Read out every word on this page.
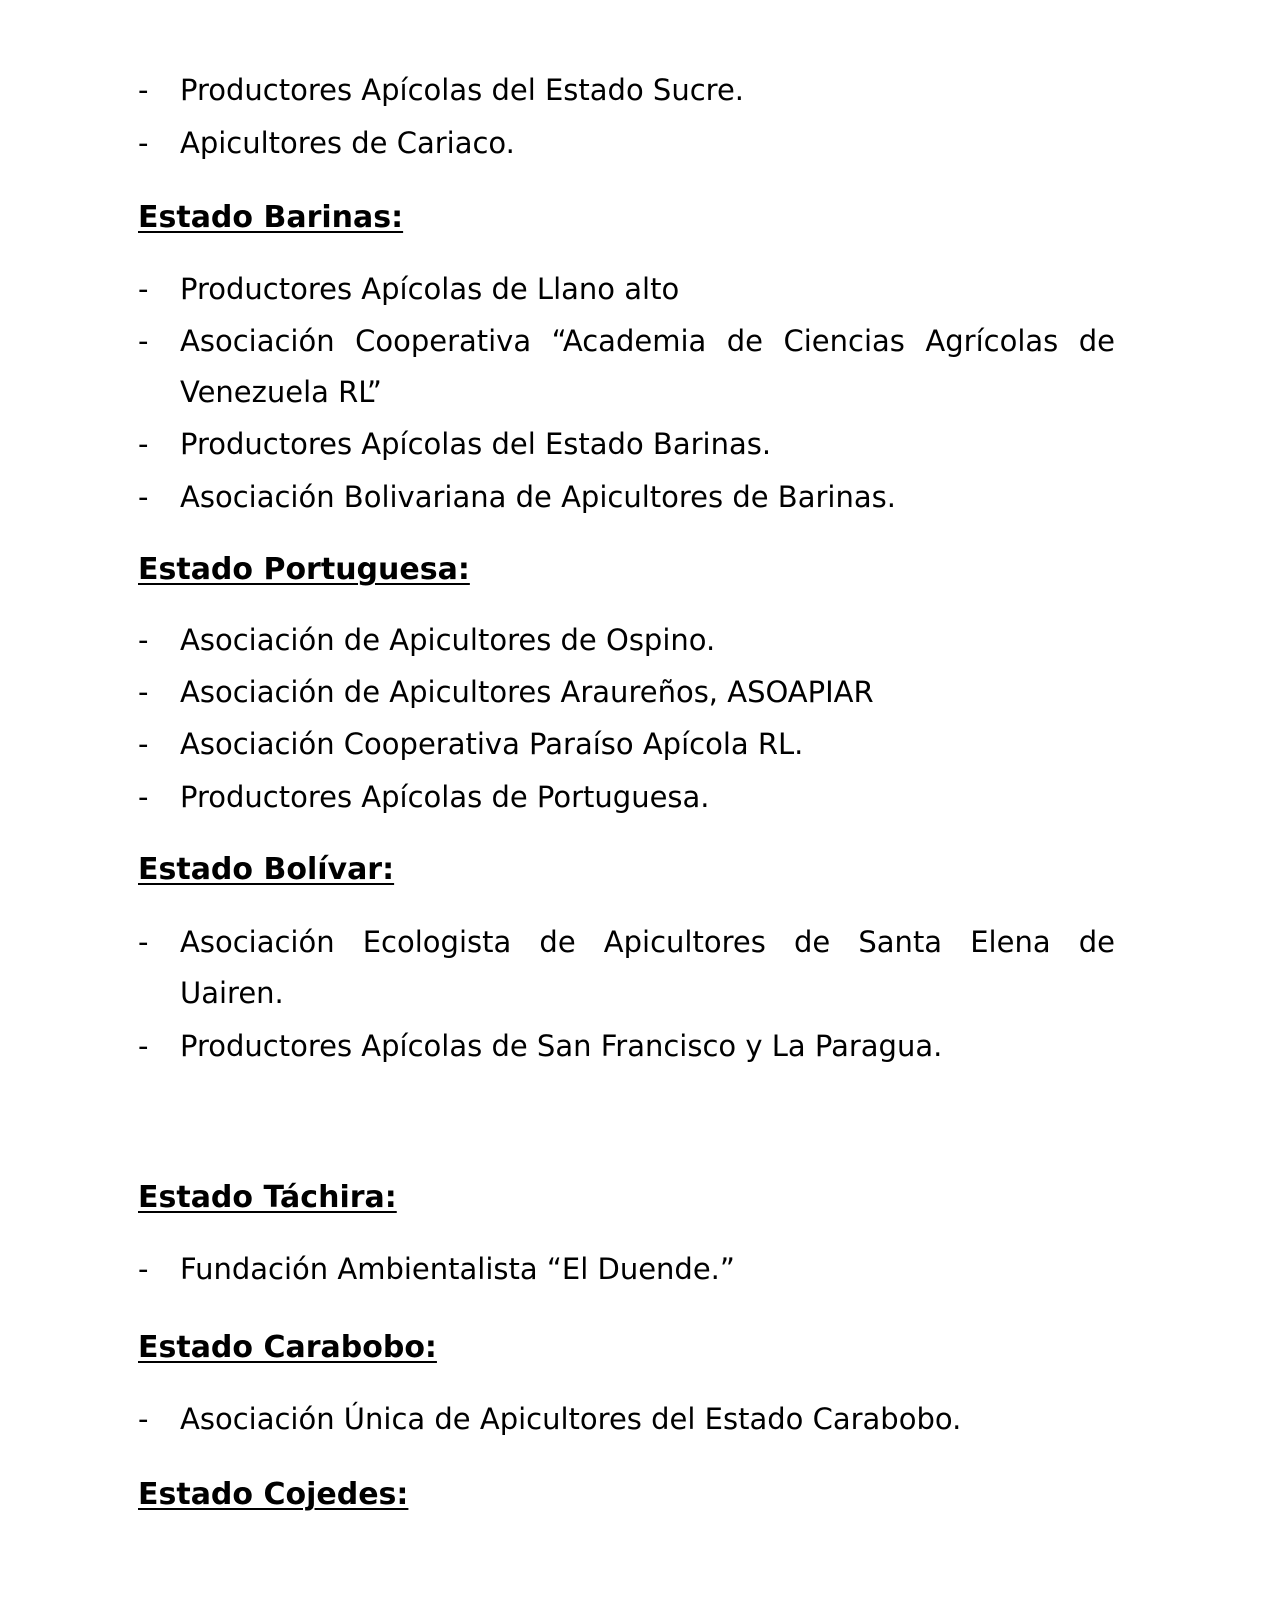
- Productores Apícolas del Estado Sucre.
- Apicultores de Cariaco.
Estado Barinas:
- Productores Apícolas de Llano alto
- Asociación Cooperativa “Academia de Ciencias Agrícolas de
Venezuela RL”
- Productores Apícolas del Estado Barinas.
- Asociación Bolivariana de Apicultores de Barinas.
Estado Portuguesa:
- Asociación de Apicultores de Ospino.
- Asociación de Apicultores Araureños, ASOAPIAR
- Asociación Cooperativa Paraíso Apícola RL.
- Productores Apícolas de Portuguesa.
Estado Bolívar:
- Asociación Ecologista de Apicultores de Santa Elena de
Uairen.
- Productores Apícolas de San Francisco y La Paragua.
Estado Táchira:
- Fundación Ambientalista “El Duende.”
Estado Carabobo:
- Asociación Única de Apicultores del Estado Carabobo.
Estado Cojedes:
